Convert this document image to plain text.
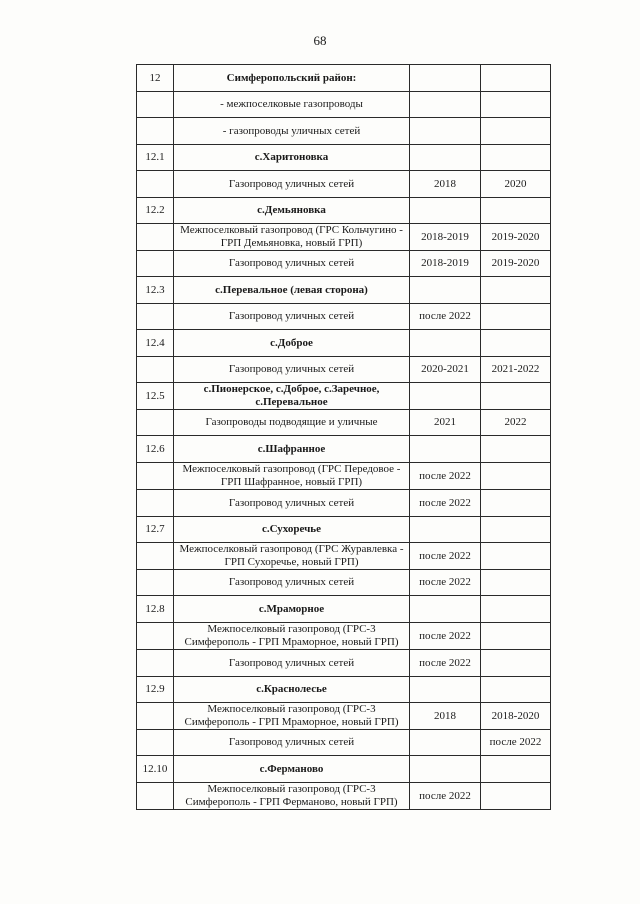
68
12	Симферопольский район:		
	- межпоселковые газопроводы		
	- газопроводы уличных сетей		
12.1	с.Харитоновка		
	Газопровод уличных сетей	2018	2020
12.2	с.Демьяновка		
	Межпоселковый газопровод (ГРС Кольчугино - ГРП Демьяновка, новый ГРП)	2018-2019	2019-2020
	Газопровод уличных сетей	2018-2019	2019-2020
12.3	с.Перевальное (левая сторона)		
	Газопровод уличных сетей	после 2022	
12.4	с.Доброе		
	Газопровод уличных сетей	2020-2021	2021-2022
12.5	с.Пионерское, с.Доброе, с.Заречное, с.Перевальное		
	Газопроводы подводящие и уличные	2021	2022
12.6	с.Шафранное		
	Межпоселковый газопровод (ГРС Передовое - ГРП Шафранное, новый ГРП)	после 2022	
	Газопровод уличных сетей	после 2022	
12.7	с.Сухоречье		
	Межпоселковый газопровод (ГРС Журавлевка - ГРП Сухоречье, новый ГРП)	после 2022	
	Газопровод уличных сетей	после 2022	
12.8	с.Мраморное		
	Межпоселковый газопровод (ГРС-3 Симферополь - ГРП Мраморное, новый ГРП)	после 2022	
	Газопровод уличных сетей	после 2022	
12.9	с.Краснолесье		
	Межпоселковый газопровод (ГРС-3 Симферополь - ГРП Мраморное, новый ГРП)	2018	2018-2020
	Газопровод уличных сетей		после 2022
12.10	с.Фермановo		
	Межпоселковый газопровод (ГРС-3 Симферополь - ГРП Фермановo, новый ГРП)	после 2022	
